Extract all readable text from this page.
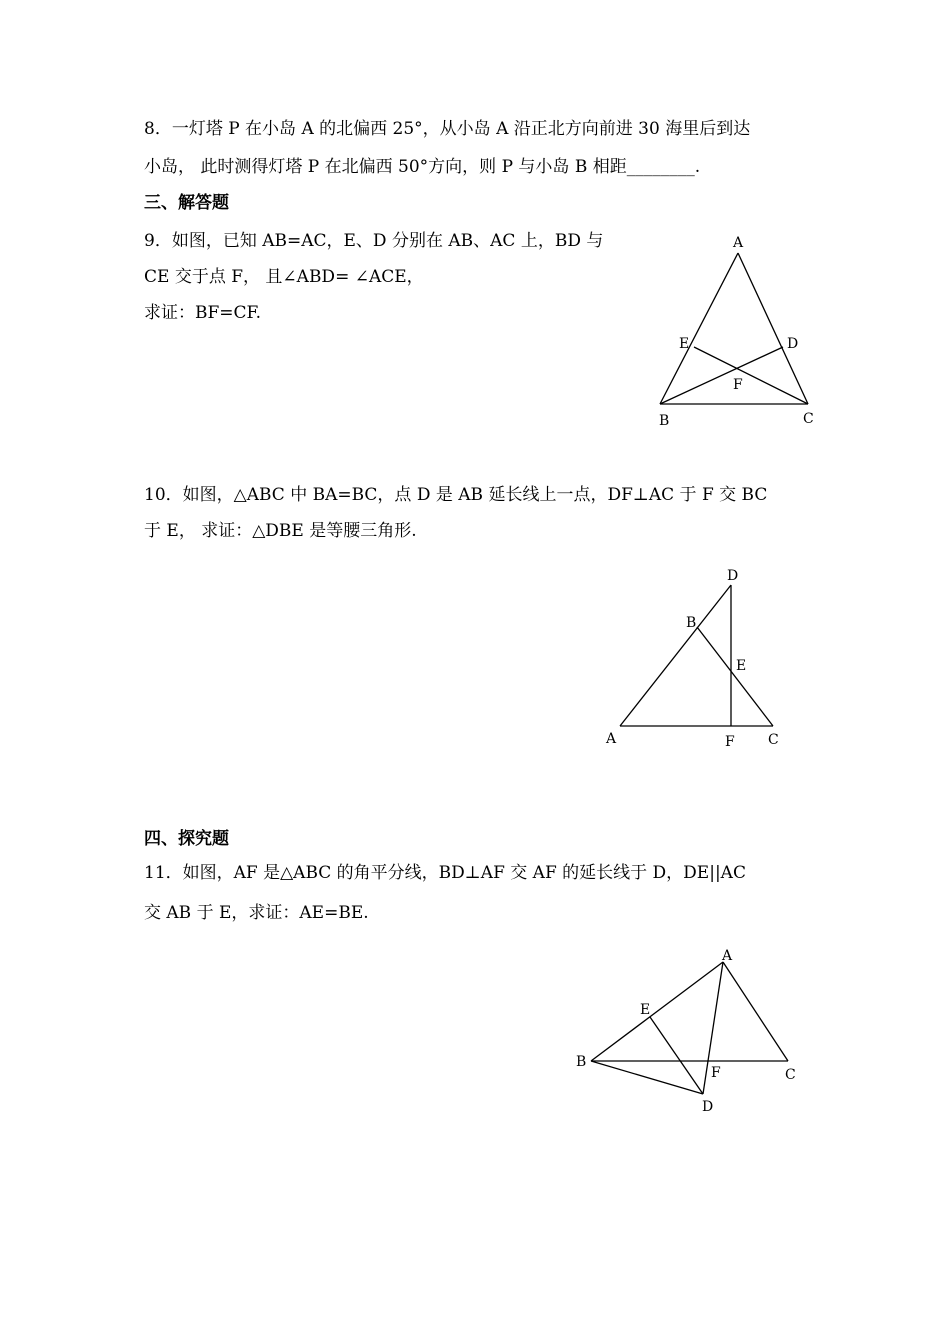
8．一灯塔 P 在小岛 A 的北偏西 25°，从小岛 A 沿正北方向前进 30 海里后到达
小岛， 此时测得灯塔 P 在北偏西 50°方向，则 P 与小岛 B 相距________.
三、解答题
9．如图，已知 AB=AC，E、D 分别在 AB、AC 上，BD 与
CE 交于点 F， 且∠ABD= ∠ACE，
求证：BF=CF.
A
E	D
F
B	C
10．如图，△ABC 中 BA=BC，点 D 是 AB 延长线上一点，DF⊥AC 于 F 交 BC
于 E， 求证：△DBE 是等腰三角形.
D
B
E
A	F C
四、探究题
11．如图，AF 是△ABC 的角平分线，BD⊥AF 交 AF 的延长线于 D，DE||AC
交 AB 于 E，求证：AE=BE.
A
E
B
F	C
D
